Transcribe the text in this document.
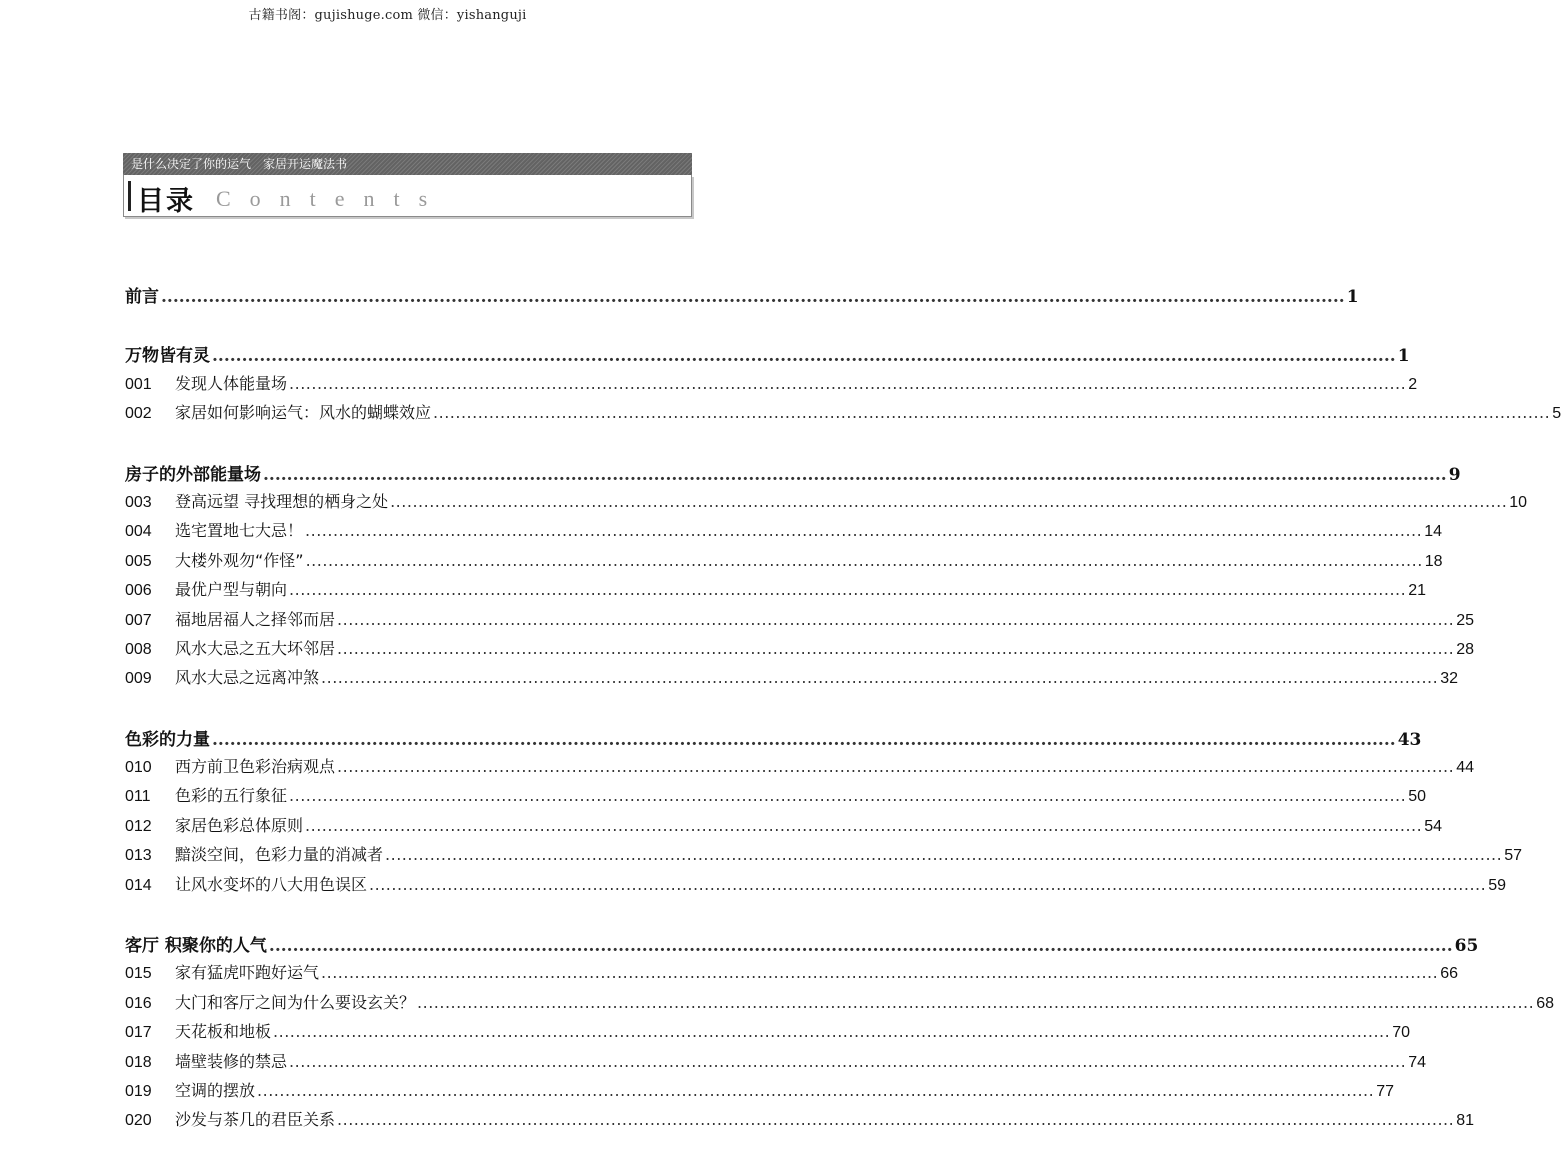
古籍书阁：gujishuge.com 微信：yishanguji
是什么决定了你的运气 家居开运魔法书
目录 Contents
前言 ........................................................................................................................................................................................................ 1
万物皆有灵 ........................................................................................................................................................................................................ 1
001	发现人体能量场 ........................................................................................................................................................................................................ 2
002	家居如何影响运气：风水的蝴蝶效应 ........................................................................................................................................................................................................ 5
房子的外部能量场 ........................................................................................................................................................................................................ 9
003	登高远望 寻找理想的栖身之处 ........................................................................................................................................................................................................ 10
004	选宅置地七大忌！ ........................................................................................................................................................................................................ 14
005	大楼外观勿“作怪” ........................................................................................................................................................................................................ 18
006	最优户型与朝向 ........................................................................................................................................................................................................ 21
007	福地居福人之择邻而居 ........................................................................................................................................................................................................ 25
008	风水大忌之五大坏邻居 ........................................................................................................................................................................................................ 28
009	风水大忌之远离冲煞 ........................................................................................................................................................................................................ 32
色彩的力量 ........................................................................................................................................................................................................ 43
010	西方前卫色彩治病观点 ........................................................................................................................................................................................................ 44
011	色彩的五行象征 ........................................................................................................................................................................................................ 50
012	家居色彩总体原则 ........................................................................................................................................................................................................ 54
013	黯淡空间，色彩力量的消减者 ........................................................................................................................................................................................................ 57
014	让风水变坏的八大用色误区 ........................................................................................................................................................................................................ 59
客厅 积聚你的人气 ........................................................................................................................................................................................................ 65
015	家有猛虎吓跑好运气 ........................................................................................................................................................................................................ 66
016	大门和客厅之间为什么要设玄关？ ........................................................................................................................................................................................................ 68
017	天花板和地板 ........................................................................................................................................................................................................ 70
018	墙壁装修的禁忌 ........................................................................................................................................................................................................ 74
019	空调的摆放 ........................................................................................................................................................................................................ 77
020	沙发与茶几的君臣关系 ........................................................................................................................................................................................................ 81
